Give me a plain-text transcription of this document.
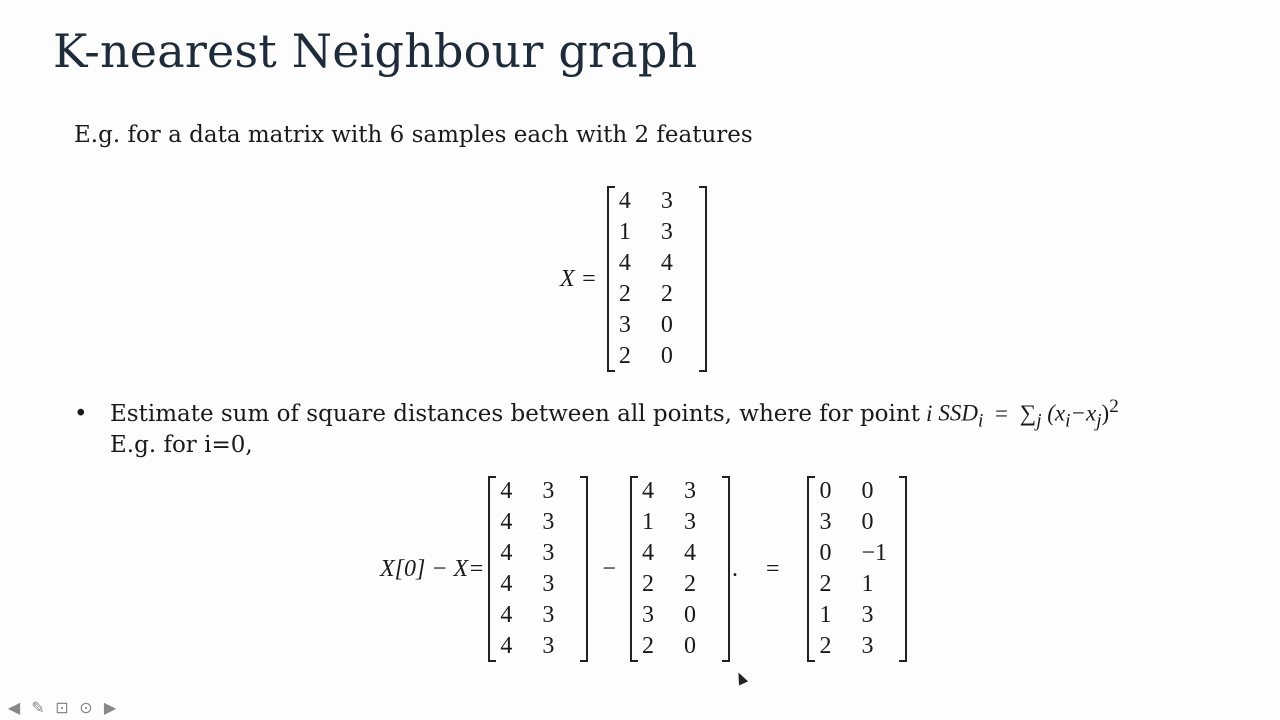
K-nearest Neighbour graph
E.g. for a data matrix with 6 samples each with 2 features
X =
4	3
1	3
4	4
2	2
3	0
2	0
• Estimate sum of square distances between all points, where for point i $SSD_i = \sum_j$ $(x_i-x_j)^2$
E.g. for i=0,
X[0] − X=
4	3
4	3
4	3
4	3
4	3
4	3
−
4	3
1	3
4	4
2	2
3	0
2	0
. =
0	0
3	0
0	−1
2	1
1	3
2	3
◀ ✎ ⊡ ⊙ ▶
